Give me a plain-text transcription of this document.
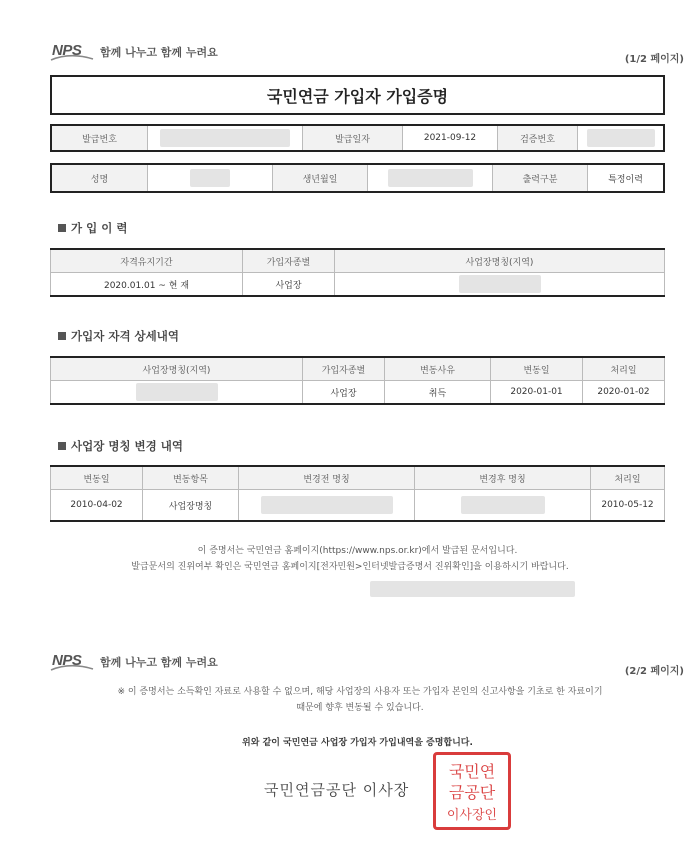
NPS 함께 나누고 함께 누려요
(1/2 페이지)
국민연금 가입자 가입증명
발급번호	발급일자	2021-09-12	검증번호
성명	생년월일	출력구분	특정이력
가 입 이 력
자격유지기간	가입자종별	사업장명칭(지역)
2020.01.01 ~ 현 재	사업장	
가입자 자격 상세내역
사업장명칭(지역)	가입자종별	변동사유	변동일	처리일

	사업장	취득	2020-01-01	2020-01-02
사업장 명칭 변경 내역
변동일	변동항목	변경전 명칭	변경후 명칭	처리일
2010-04-02	사업장명칭			2010-05-12
이 증명서는 국민연금 홈페이지(https://www.nps.or.kr)에서 발급된 문서입니다.
발급문서의 진위여부 확인은 국민연금 홈페이지[전자민원>인터넷발급증명서 진위확인]을 이용하시기 바랍니다.
NPS 함께 나누고 함께 누려요
(2/2 페이지)
※ 이 증명서는 소득확인 자료로 사용할 수 없으며, 해당 사업장의 사용자 또는 가입자 본인의 신고사항을 기초로 한 자료이기
때문에 향후 변동될 수 있습니다.
위와 같이 국민연금 사업장 가입자 가입내역을 증명합니다.
국민연금공단 이사장
국민연
금공단
이사장인
